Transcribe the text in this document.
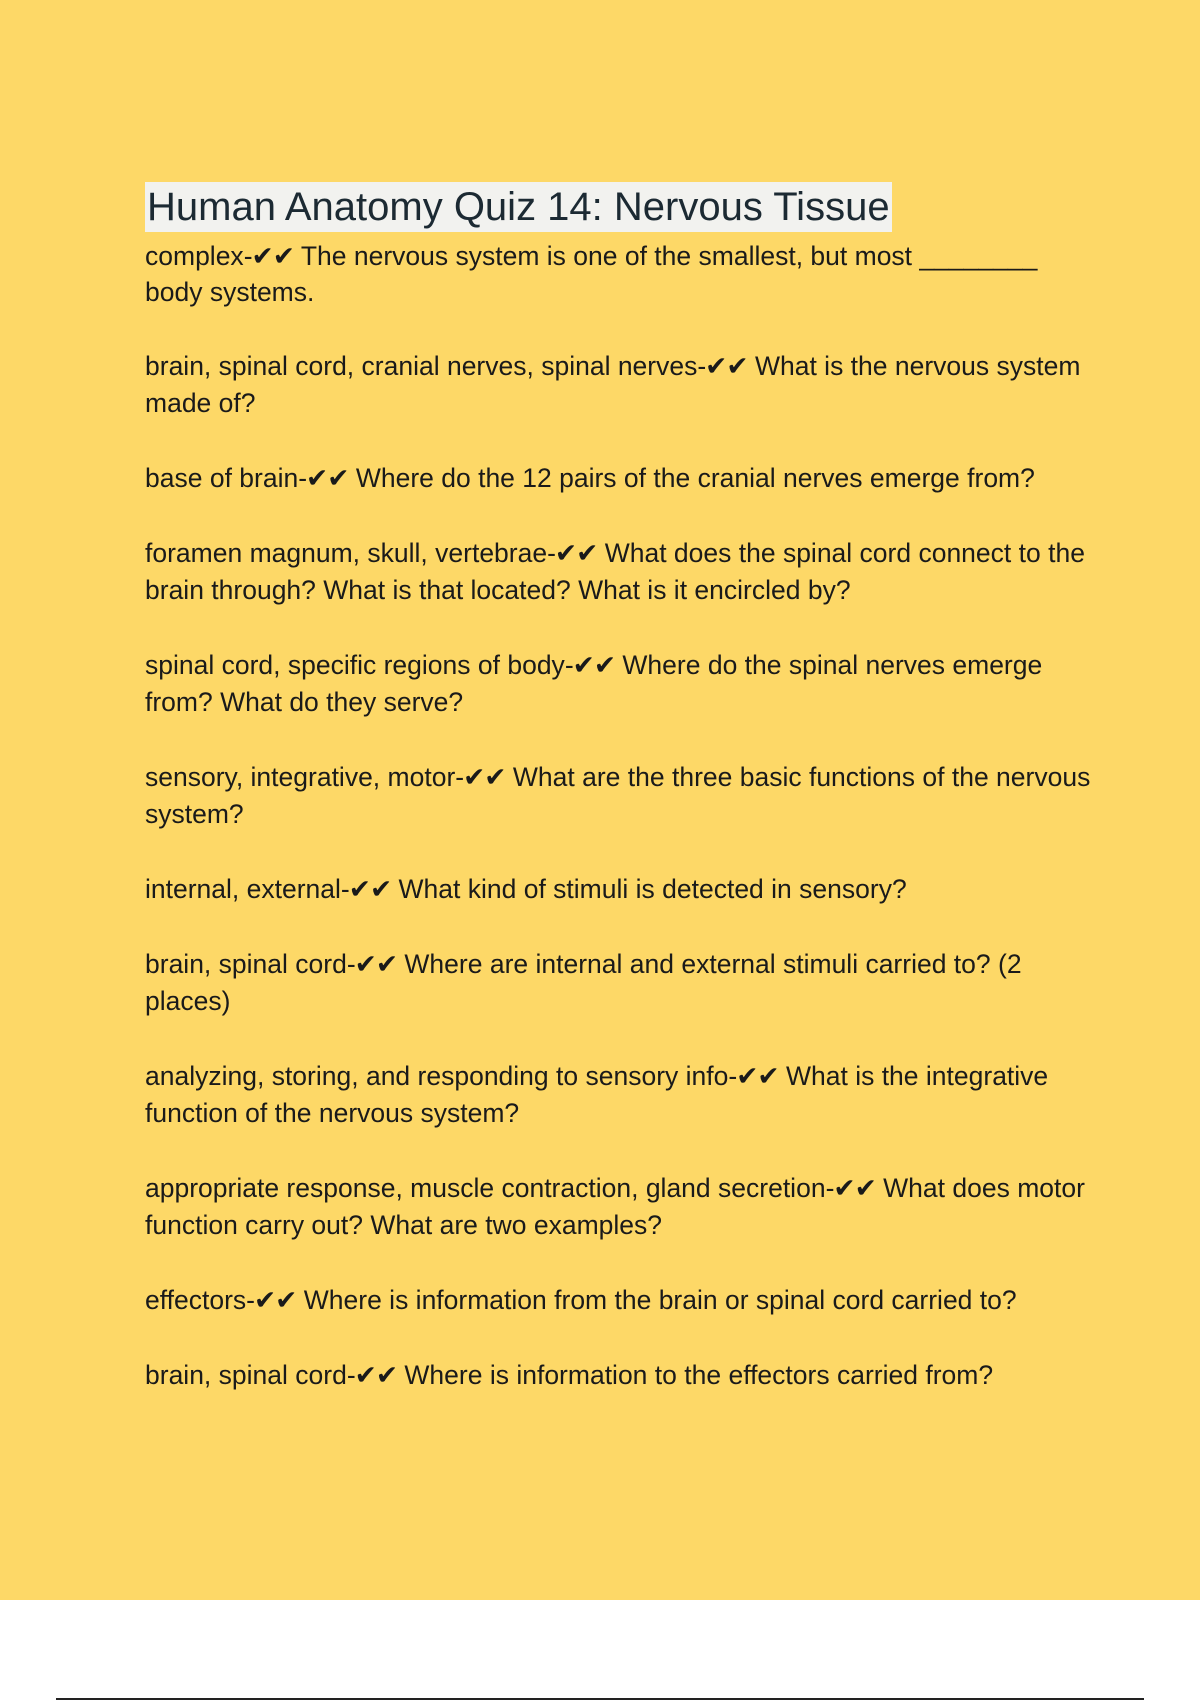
Human Anatomy Quiz 14: Nervous Tissue
complex-✔✔ The nervous system is one of the smallest, but most ________ body systems.
brain, spinal cord, cranial nerves, spinal nerves-✔✔ What is the nervous system made of?
base of brain-✔✔ Where do the 12 pairs of the cranial nerves emerge from?
foramen magnum, skull, vertebrae-✔✔ What does the spinal cord connect to the brain through? What is that located? What is it encircled by?
spinal cord, specific regions of body-✔✔ Where do the spinal nerves emerge from? What do they serve?
sensory, integrative, motor-✔✔ What are the three basic functions of the nervous system?
internal, external-✔✔ What kind of stimuli is detected in sensory?
brain, spinal cord-✔✔ Where are internal and external stimuli carried to? (2 places)
analyzing, storing, and responding to sensory info-✔✔ What is the integrative function of the nervous system?
appropriate response, muscle contraction, gland secretion-✔✔ What does motor function carry out? What are two examples?
effectors-✔✔ Where is information from the brain or spinal cord carried to?
brain, spinal cord-✔✔ Where is information to the effectors carried from?
